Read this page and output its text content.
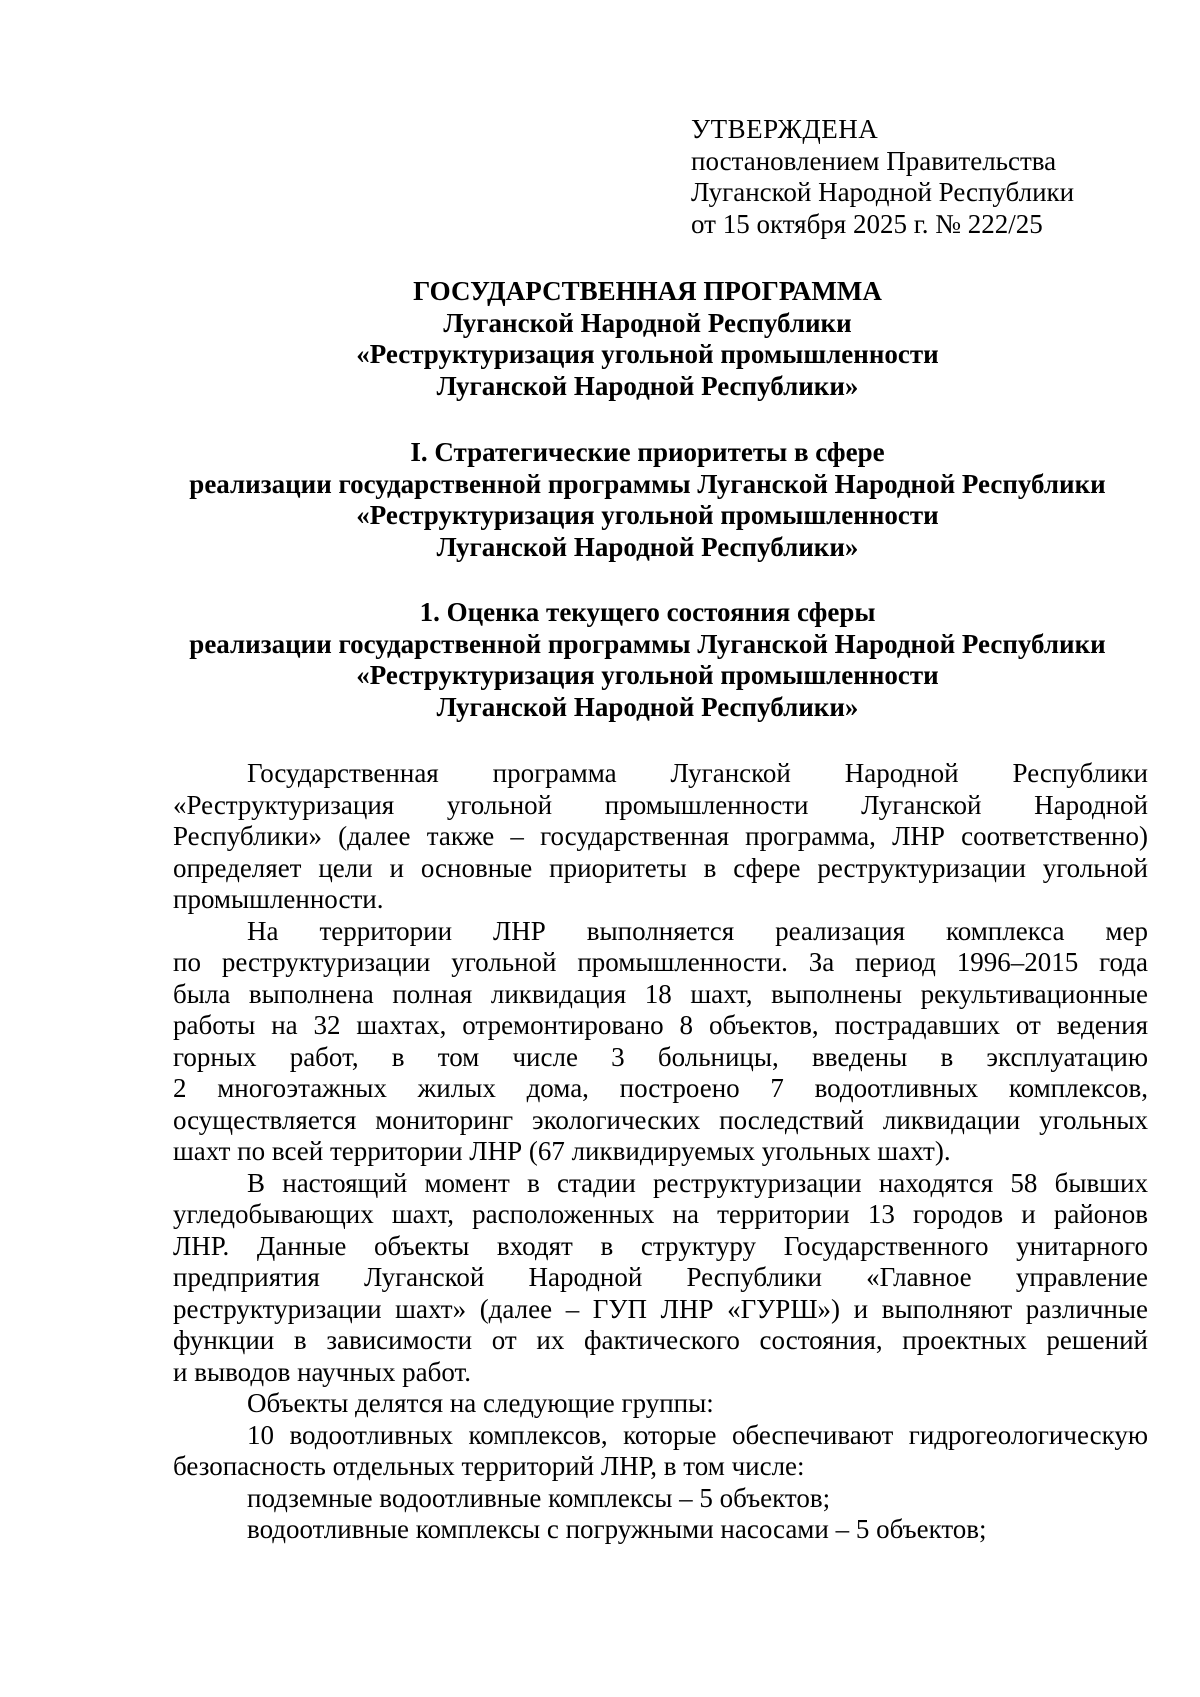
УТВЕРЖДЕНА
постановлением Правительства
Луганской Народной Республики
от 15 октября 2025 г. № 222/25
ГОСУДАРСТВЕННАЯ ПРОГРАММА
Луганской Народной Республики
«Реструктуризация угольной промышленности
Луганской Народной Республики»
I. Стратегические приоритеты в сфере
реализации государственной программы Луганской Народной Республики
«Реструктуризация угольной промышленности
Луганской Народной Республики»
1. Оценка текущего состояния сферы
реализации государственной программы Луганской Народной Республики
«Реструктуризация угольной промышленности
Луганской Народной Республики»
Государственная программа Луганской Народной Республики
«Реструктуризация угольной промышленности Луганской Народной
Республики» (далее также – государственная программа, ЛНР соответственно)
определяет цели и основные приоритеты в сфере реструктуризации угольной
промышленности.
На территории ЛНР выполняется реализация комплекса мер
по реструктуризации угольной промышленности. За период 1996–2015 года
была выполнена полная ликвидация 18 шахт, выполнены рекультивационные
работы на 32 шахтах, отремонтировано 8 объектов, пострадавших от ведения
горных работ, в том числе 3 больницы, введены в эксплуатацию
2 многоэтажных жилых дома, построено 7 водоотливных комплексов,
осуществляется мониторинг экологических последствий ликвидации угольных
шахт по всей территории ЛНР (67 ликвидируемых угольных шахт).
В настоящий момент в стадии реструктуризации находятся 58 бывших
угледобывающих шахт, расположенных на территории 13 городов и районов
ЛНР. Данные объекты входят в структуру Государственного унитарного
предприятия Луганской Народной Республики «Главное управление
реструктуризации шахт» (далее – ГУП ЛНР «ГУРШ») и выполняют различные
функции в зависимости от их фактического состояния, проектных решений
и выводов научных работ.
Объекты делятся на следующие группы:
10 водоотливных комплексов, которые обеспечивают гидрогеологическую
безопасность отдельных территорий ЛНР, в том числе:
подземные водоотливные комплексы – 5 объектов;
водоотливные комплексы с погружными насосами – 5 объектов;
